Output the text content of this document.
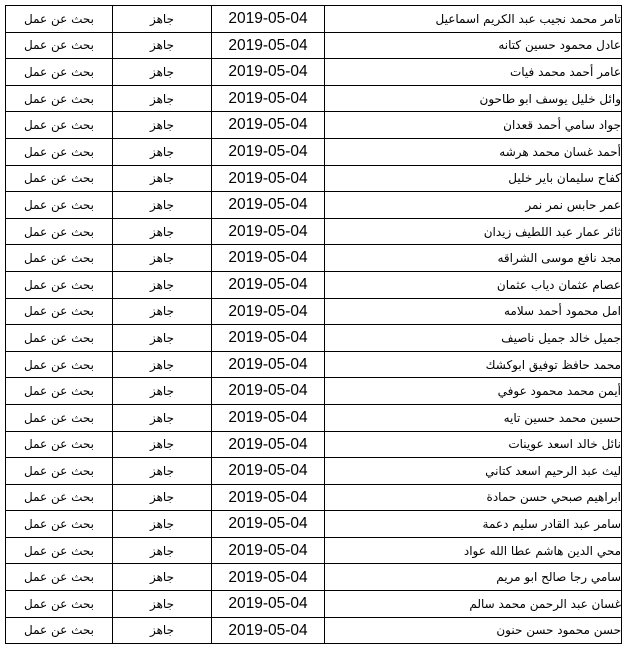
بحث عن عمل	جاهز	2019-05-04	تامر محمد نجيب عبد الكريم اسماعيل
بحث عن عمل	جاهز	2019-05-04	عادل محمود حسين كتانه
بحث عن عمل	جاهز	2019-05-04	عامر أحمد محمد فيات
بحث عن عمل	جاهز	2019-05-04	وائل خليل يوسف ابو طاحون
بحث عن عمل	جاهز	2019-05-04	جواد سامي أحمد قعدان
بحث عن عمل	جاهز	2019-05-04	أحمد غسان محمد هرشه
بحث عن عمل	جاهز	2019-05-04	كفاح سليمان باير خليل
بحث عن عمل	جاهز	2019-05-04	عمر حابس نمر نمر
بحث عن عمل	جاهز	2019-05-04	ثائر عمار عبد اللطيف زيدان
بحث عن عمل	جاهز	2019-05-04	مجد نافع موسى الشراقه
بحث عن عمل	جاهز	2019-05-04	عصام عثمان دياب عثمان
بحث عن عمل	جاهز	2019-05-04	امل محمود أحمد سلامه
بحث عن عمل	جاهز	2019-05-04	جميل خالد جميل ناصيف
بحث عن عمل	جاهز	2019-05-04	محمد حافظ توفيق ابوكشك
بحث عن عمل	جاهز	2019-05-04	أيمن محمد محمود عوفي
بحث عن عمل	جاهز	2019-05-04	حسين محمد حسين تايه
بحث عن عمل	جاهز	2019-05-04	نائل خالد اسعد عوينات
بحث عن عمل	جاهز	2019-05-04	ليث عبد الرحيم اسعد كتاني
بحث عن عمل	جاهز	2019-05-04	ابراهيم صبحي حسن حمادة
بحث عن عمل	جاهز	2019-05-04	سامر عبد القادر سليم دعمة
بحث عن عمل	جاهز	2019-05-04	محي الدين هاشم عطا الله عواد
بحث عن عمل	جاهز	2019-05-04	سامي رجا صالح ابو مريم
بحث عن عمل	جاهز	2019-05-04	غسان عبد الرحمن محمد سالم
بحث عن عمل	جاهز	2019-05-04	حسن محمود حسن حنون
